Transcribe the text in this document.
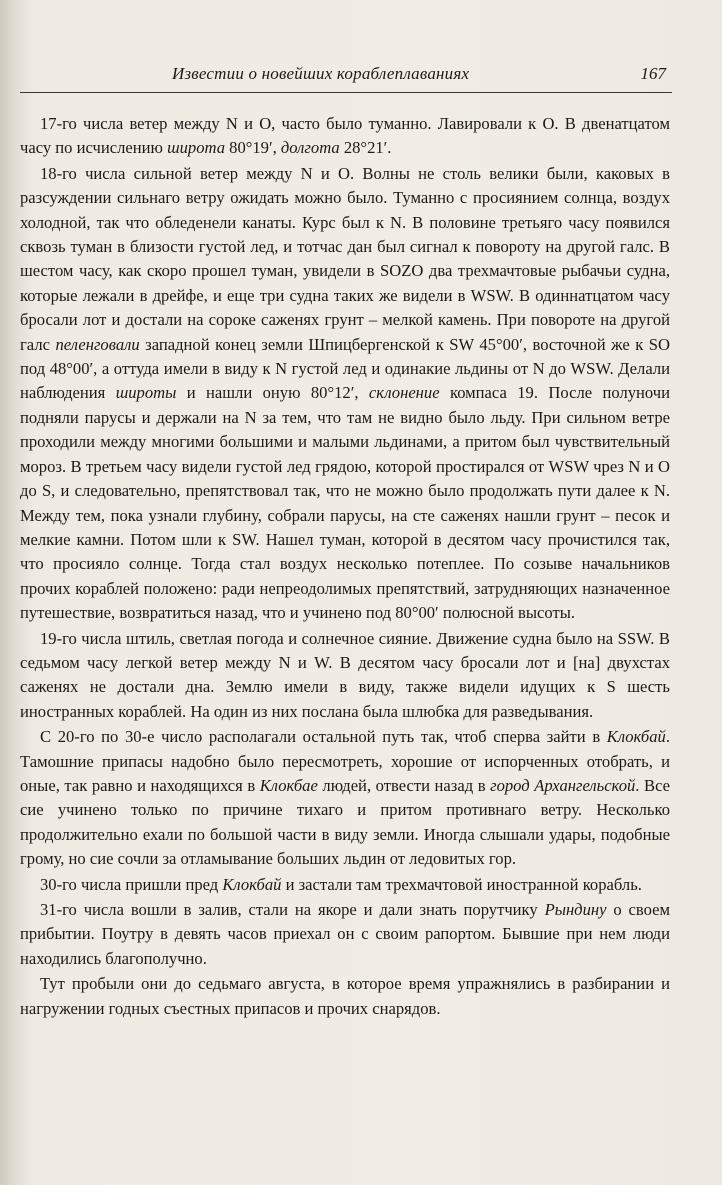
Известии о новейших кораблеплаваниях	167

17-го числа ветер между N и O, часто было туманно. Лавировали к O. В двенатцатом часу по исчислению широта 80°19′, долгота 28°21′.

18-го числа сильной ветер между N и O. Волны не столь велики были, каковых в разсуждении сильнаго ветру ожидать можно было. Туманно с просиянием солнца, воздух холодной, так что обледенели канаты. Курс был к N. В половине третьяго часу появился сквозь туман в близости густой лед, и тотчас дан был сигнал к повороту на другой галс. В шестом часу, как скоро прошел туман, увидели в SOZO два трехмачтовые рыбачьи судна, которые лежали в дрейфе, и еще три судна таких же видели в WSW. В одиннатцатом часу бросали лот и достали на сороке саженях грунт – мелкой камень. При повороте на другой галс пеленговали западной конец земли Шпицбергенской к SW 45°00′, восточной же к SO под 48°00′, а оттуда имели в виду к N густой лед и одинакие льдины от N до WSW. Делали наблюдения широты и нашли оную 80°12′, склонение компаса 19. После полуночи подняли парусы и держали на N за тем, что там не видно было льду. При сильном ветре проходили между многими большими и малыми льдинами, а притом был чувствительный мороз. В третьем часу видели густой лед грядою, которой простирался от WSW чрез N и O до S, и следовательно, препятствовал так, что не можно было продолжать пути далее к N. Между тем, пока узнали глубину, собрали парусы, на сте саженях нашли грунт – песок и мелкие камни. Потом шли к SW. Нашел туман, которой в десятом часу прочистился так, что просияло солнце. Тогда стал воздух несколько потеплее. По созыве начальников прочих кораблей положено: ради непреодолимых препятствий, затрудняющих назначенное путешествие, возвратиться назад, что и учинено под 80°00′ полюсной высоты.

19-го числа штиль, светлая погода и солнечное сияние. Движение судна было на SSW. В седьмом часу легкой ветер между N и W. В десятом часу бросали лот и [на] двухстах саженях не достали дна. Землю имели в виду, также видели идущих к S шесть иностранных кораблей. На один из них послана была шлюбка для разведывания.

С 20-го по 30-е число располагали остальной путь так, чтоб сперва зайти в Клокбай. Тамошние припасы надобно было пересмотреть, хорошие от испорченных отобрать, и оные, так равно и находящихся в Клокбае людей, отвести назад в город Архангельской. Все сие учинено только по причине тихаго и притом противнаго ветру. Несколько продолжительно ехали по большой части в виду земли. Иногда слышали удары, подобные грому, но сие сочли за отламывание больших льдин от ледовитых гор.

30-го числа пришли пред Клокбай и застали там трехмачтовой иностранной корабль.

31-го числа вошли в залив, стали на якоре и дали знать порутчику Рындину о своем прибытии. Поутру в девять часов приехал он с своим рапортом. Бывшие при нем люди находились благополучно.

Тут пробыли они до седьмаго августа, в которое время упражнялись в разбирании и нагружении годных съестных припасов и прочих снарядов.
